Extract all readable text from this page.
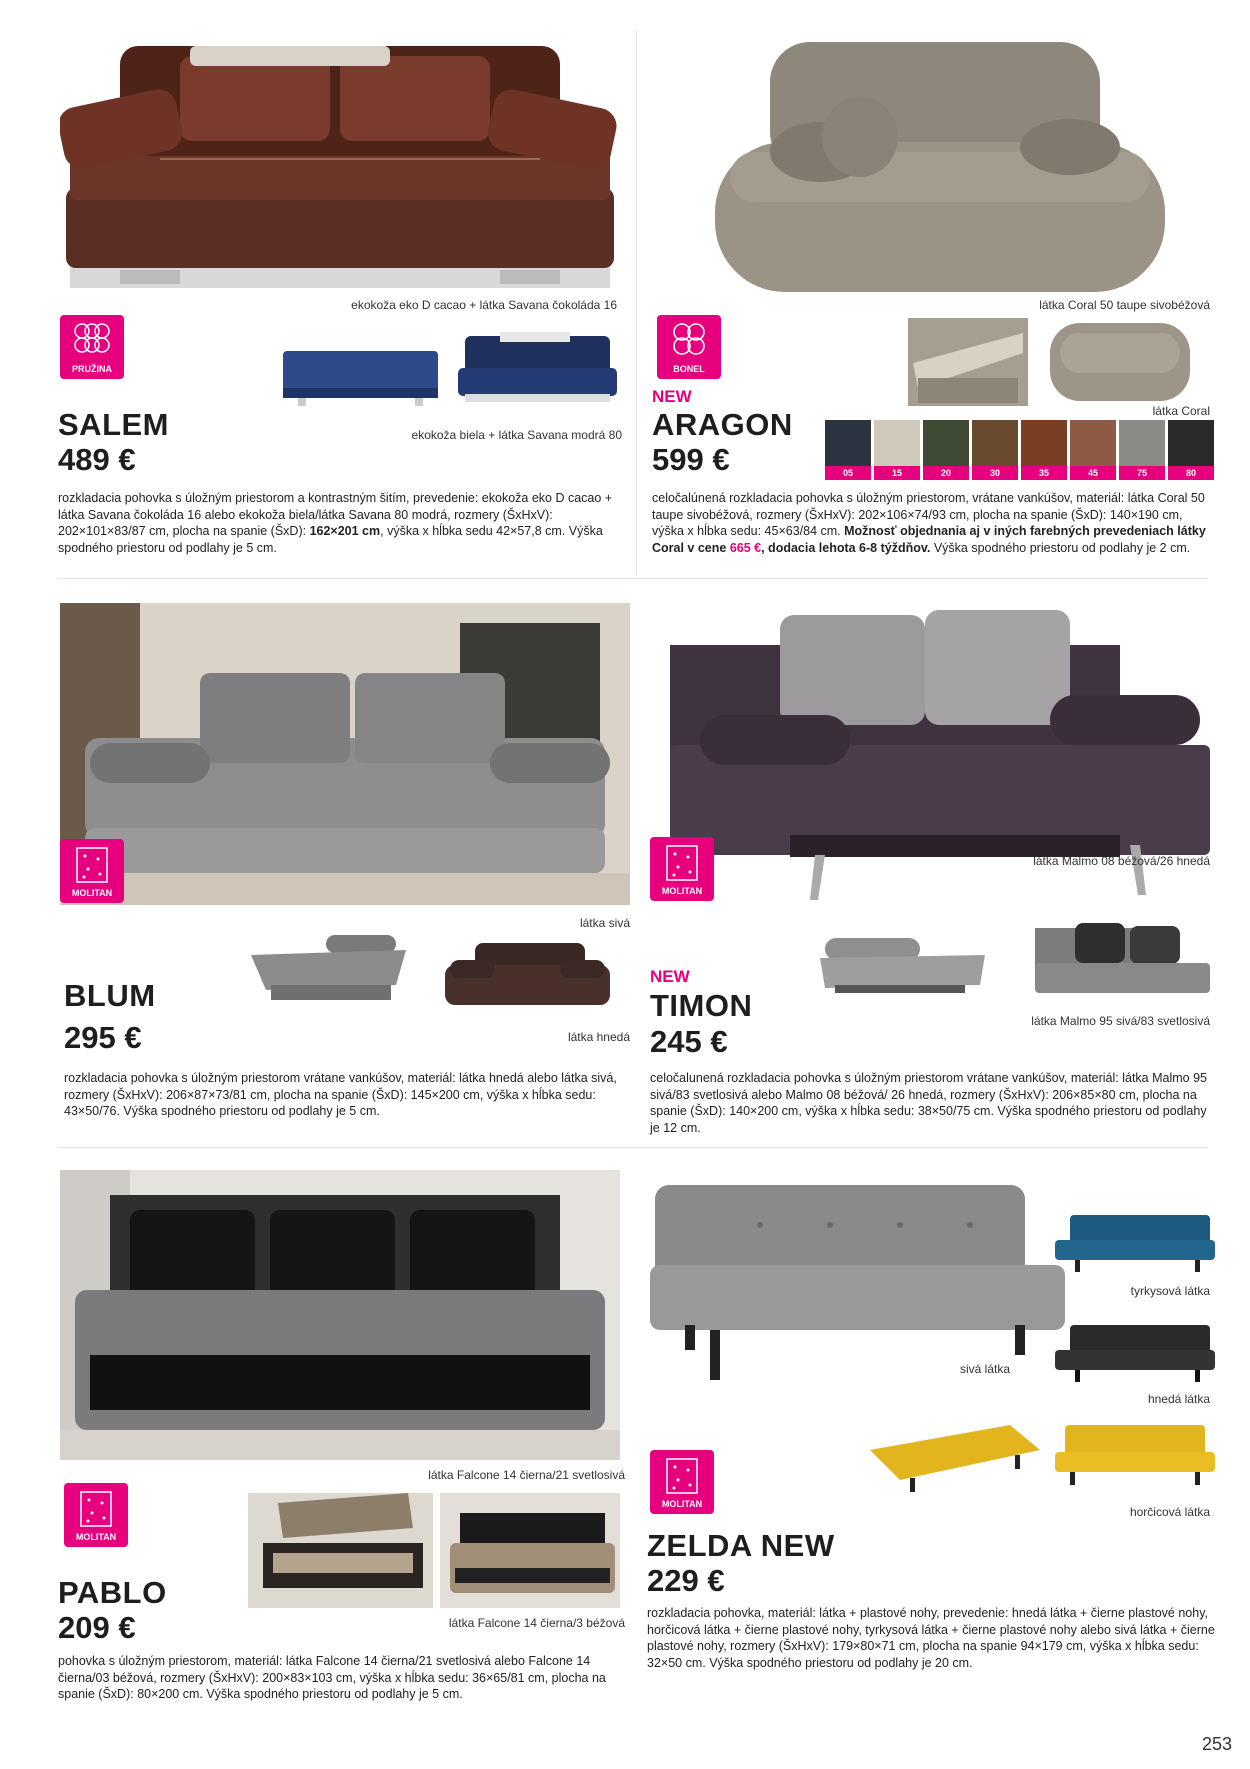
ekokoža eko D cacao + látka Savana čokoláda 16
PRUŽINA
ekokoža biela + látka Savana modrá 80
SALEM
489 €
rozkladacia pohovka s úložným priestorom a kontrastným šitím, prevedenie: ekokoža eko D cacao + látka Savana čokoláda 16 alebo ekokoža biela/látka Savana 80 modrá, rozmery (ŠxHxV): 202×101×83/87 cm, plocha na spanie (ŠxD): 162×201 cm, výška x hĺbka sedu 42×57,8 cm. Výška spodného priestoru od podlahy je 5 cm.
látka Coral 50 taupe sivobéžová
BONEL
látka Coral
NEW
ARAGON
599 €	05	15	20	30	35	45	75	80
celočalúnená rozkladacia pohovka s úložným priestorom, vrátane vankúšov, materiál: látka Coral 50 taupe sivobéžová, rozmery (ŠxHxV): 202×106×74/93 cm, plocha na spanie (ŠxD): 140×190 cm, výška x hĺbka sedu: 45×63/84 cm. Možnosť objednania aj v iných farebných prevedeniach látky Coral v cene 665 €, dodacia lehota 6-8 týždňov. Výška spodného priestoru od podlahy je 2 cm.
MOLITAN
látka sivá
látka hnedá
BLUM
295 €
rozkladacia pohovka s úložným priestorom vrátane vankúšov, materiál: látka hnedá alebo látka sivá, rozmery (ŠxHxV): 206×87×73/81 cm, plocha na spanie (ŠxD): 145×200 cm, výška x hĺbka sedu: 43×50/76. Výška spodného priestoru od podlahy je 5 cm.
MOLITAN
látka Malmo 08 béžová/26 hnedá
látka Malmo 95 sivá/83 svetlosivá
NEW
TIMON
245 €
celočalunená rozkladacia pohovka s úložným priestorom vrátane vankúšov, materiál: látka Malmo 95 sivá/83 svetlosivá alebo Malmo 08 béžová/ 26 hnedá, rozmery (ŠxHxV): 206×85×80 cm, plocha na spanie (ŠxD): 140×200 cm, výška x hĺbka sedu: 38×50/75 cm. Výška spodného priestoru od podlahy je 12 cm.
látka Falcone 14 čierna/21 svetlosivá
MOLITAN
látka Falcone 14 čierna/3 béžová
PABLO
209 €
pohovka s úložným priestorom, materiál: látka Falcone 14 čierna/21 svetlosivá alebo Falcone 14 čierna/03 béžová, rozmery (ŠxHxV): 200×83×103 cm, výška x hĺbka sedu: 36×65/81 cm, plocha na spanie (ŠxD): 80×200 cm. Výška spodného priestoru od podlahy je 5 cm.
tyrkysová látka
sivá látka
hnedá látka
horčicová látka
MOLITAN
ZELDA NEW
229 €
rozkladacia pohovka, materiál: látka + plastové nohy, prevedenie: hnedá látka + čierne plastové nohy, horčicová látka + čierne plastové nohy, tyrkysová látka + čierne plastové nohy alebo sivá látka + čierne plastové nohy, rozmery (ŠxHxV): 179×80×71 cm, plocha na spanie 94×179 cm, výška x hĺbka sedu: 32×50 cm. Výška spodného priestoru od podlahy je 20 cm.
253
